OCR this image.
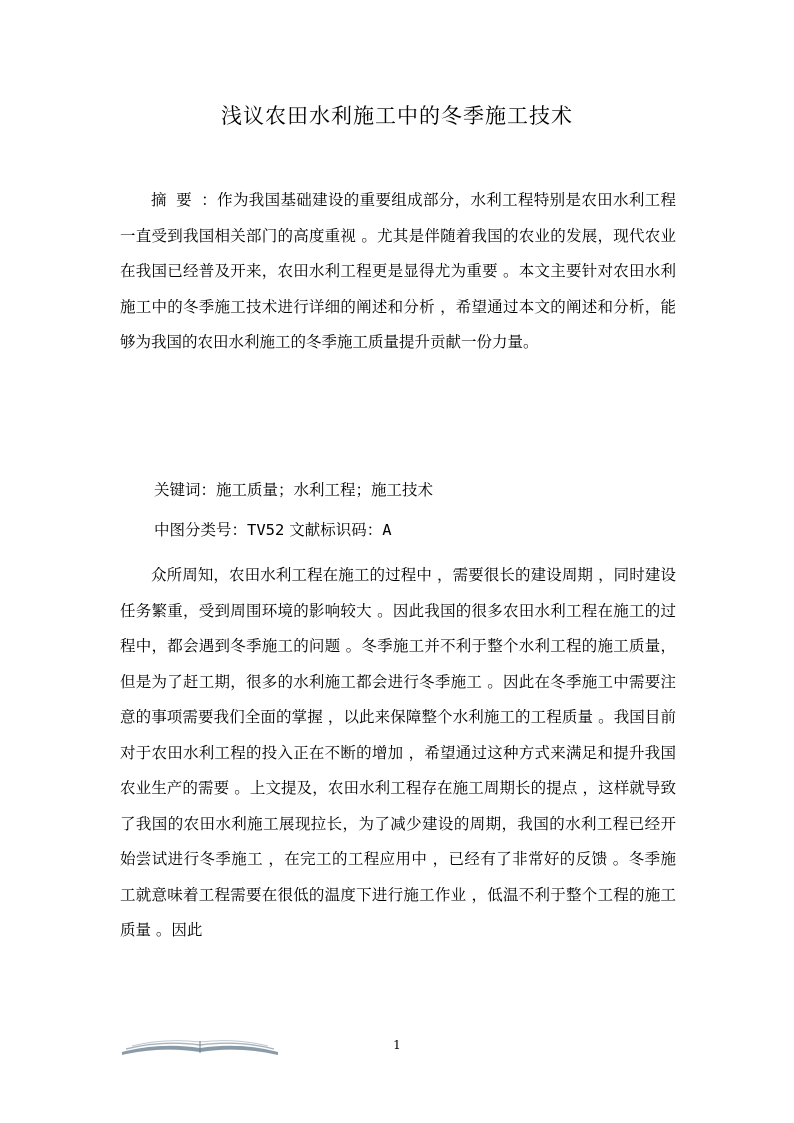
浅议农田水利施工中的冬季施工技术
摘要：作为我国基础建设的重要组成部分，水利工程特别是农田水利工程一直受到我国相关部门的高度重视 。尤其是伴随着我国的农业的发展，现代农业在我国已经普及开来，农田水利工程更是显得尤为重要 。本文主要针对农田水利施工中的冬季施工技术进行详细的阐述和分析 ，希望通过本文的阐述和分析，能够为我国的农田水利施工的冬季施工质量提升贡献一份力量。
关键词：施工质量；水利工程；施工技术
中图分类号：TV52 文献标识码：A
众所周知，农田水利工程在施工的过程中 ，需要很长的建设周期 ，同时建设任务繁重，受到周围环境的影响较大 。因此我国的很多农田水利工程在施工的过程中，都会遇到冬季施工的问题 。冬季施工并不利于整个水利工程的施工质量，但是为了赶工期，很多的水利施工都会进行冬季施工 。因此在冬季施工中需要注意的事项需要我们全面的掌握 ，以此来保障整个水利施工的工程质量 。我国目前对于农田水利工程的投入正在不断的增加 ，希望通过这种方式来满足和提升我国农业生产的需要 。上文提及，农田水利工程存在施工周期长的提点 ，这样就导致了我国的农田水利施工展现拉长，为了减少建设的周期，我国的水利工程已经开始尝试进行冬季施工 ，在完工的工程应用中 ，已经有了非常好的反馈 。冬季施工就意味着工程需要在很低的温度下进行施工作业 ，低温不利于整个工程的施工质量 。因此
1
